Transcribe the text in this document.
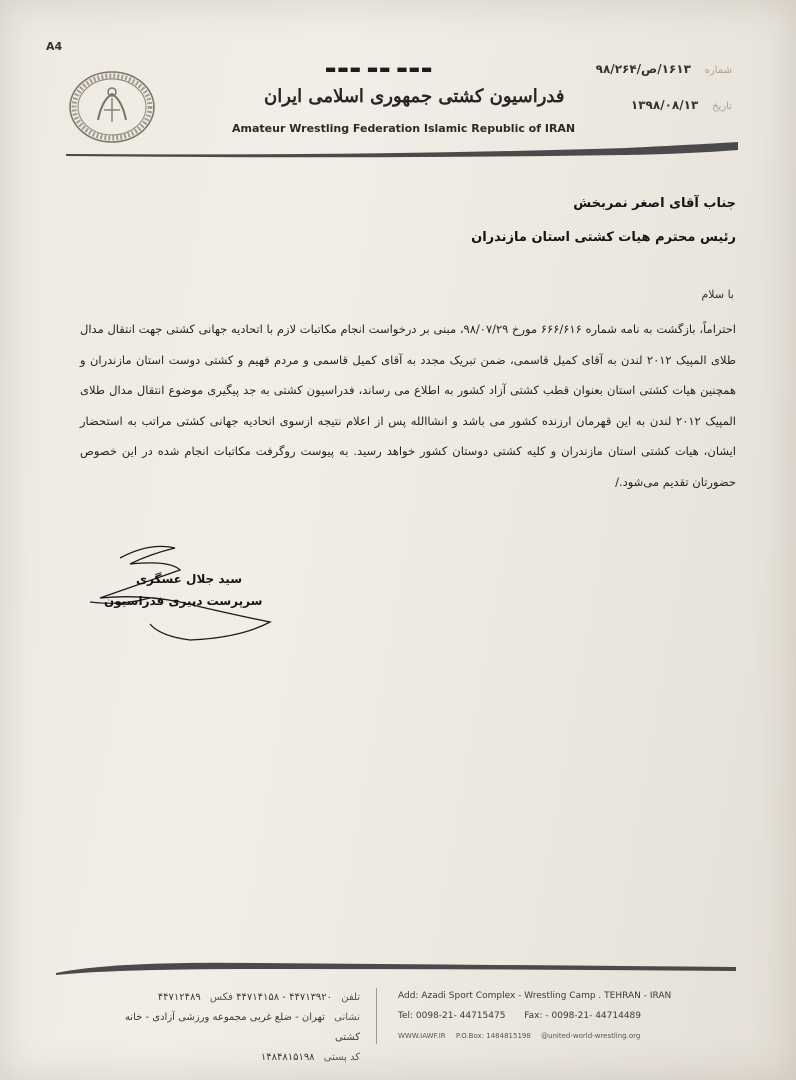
A4
▬▬▬ ▬▬ ▬▬▬
فدراسیون کشتی جمهوری اسلامی ایران
Amateur Wrestling Federation Islamic Republic of IRAN
شماره ۱۶۱۳/ص/۹۸/۲۶۴
تاریخ ۱۳۹۸/۰۸/۱۳
جناب آقای اصغر نمربخش
رئیس محترم هیات کشتی استان مازندران
با سلام
احتراماً، بازگشت به نامه شماره ۶۶۶/۶۱۶ مورخ ۹۸/۰۷/۲۹، مبنی بر درخواست انجام مکاتبات لازم با اتحادیه جهانی کشتی جهت انتقال مدال طلای المپیک ۲۰۱۲ لندن به آقای کمیل قاسمی، ضمن تبریک مجدد به آقای کمیل قاسمی و مردم فهیم و کشتی دوست استان مازندران و همچنین هیات کشتی استان بعنوان قطب کشتی آزاد کشور به اطلاع می رساند، فدراسیون کشتی به جد پیگیری موضوع انتقال مدال طلای المپیک ۲۰۱۲ لندن به این قهرمان ارزنده کشور می باشد و انشاالله پس از اعلام نتیجه ازسوی اتحادیه جهانی کشتی مراتب به استحضار ایشان، هیات کشتی استان مازندران و کلیه کشتی دوستان کشور خواهد رسید. به پیوست روگرفت مکاتبات انجام شده در این خصوص حضورتان تقدیم می‌شود./
سید جلال عسگری
سرپرست دبیری فدراسیون
تلفن ۴۴۷۱۳۹۲۰ - ۴۴۷۱۴۱۵۸ فکس ۴۴۷۱۲۴۸۹
نشانی تهران - ضلع غربی مجموعه ورزشی آزادی - خانه کشتی
کد پستی ۱۴۸۴۸۱۵۱۹۸
Add: Azadi Sport Complex - Wrestling Camp . TEHRAN - IRAN
Tel: 0098-21- 44715475 Fax: - 0098-21- 44714489
WWW.IAWF.IR P.O.Box: 1484815198 @united-world-wrestling.org
